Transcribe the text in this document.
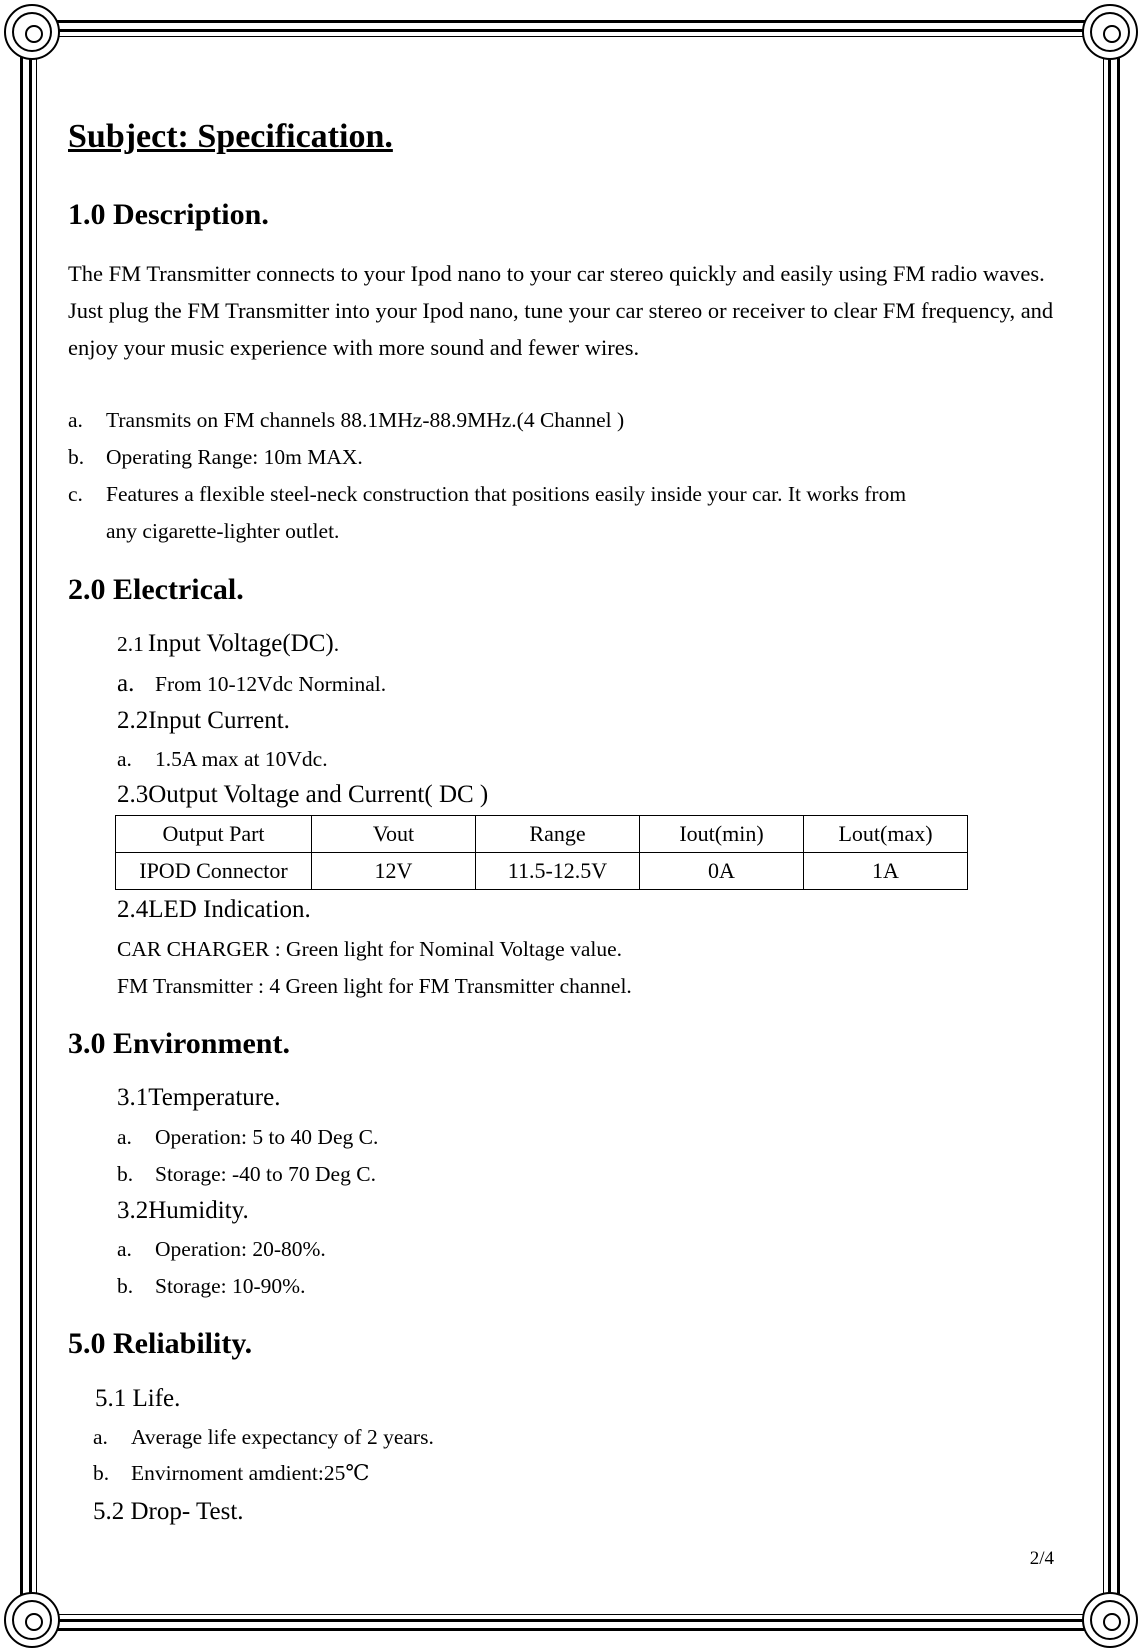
Subject: Specification.
1.0 Description.
The FM Transmitter connects to your Ipod nano to your car stereo quickly and easily using FM radio waves. Just plug the FM Transmitter into your Ipod nano, tune your car stereo or receiver to clear FM frequency, and enjoy your music experience with more sound and fewer wires.
a. Transmits on FM channels 88.1MHz-88.9MHz.(4 Channel )
b. Operating Range: 10m MAX.
c. Features a flexible steel-neck construction that positions easily inside your car. It works from
any cigarette-lighter outlet.
2.0 Electrical.
2.1 Input Voltage(DC).
a. From 10-12Vdc Norminal.
2.2Input Current.
a. 1.5A max at 10Vdc.
2.3Output Voltage and Current( DC )
Output Part	Vout	Range	Iout(min)	Lout(max)
IPOD Connector	12V	11.5-12.5V	0A	1A
2.4LED Indication.
CAR CHARGER : Green light for Nominal Voltage value.
FM Transmitter : 4 Green light for FM Transmitter channel.
3.0 Environment.
3.1Temperature.
a. Operation: 5 to 40 Deg C.
b. Storage: -40 to 70 Deg C.
3.2Humidity.
a. Operation: 20-80%.
b. Storage: 10-90%.
5.0 Reliability.
5.1 Life.
a. Average life expectancy of 2 years.
b. Envirnoment amdient:25℃
5.2 Drop- Test.
2/4
